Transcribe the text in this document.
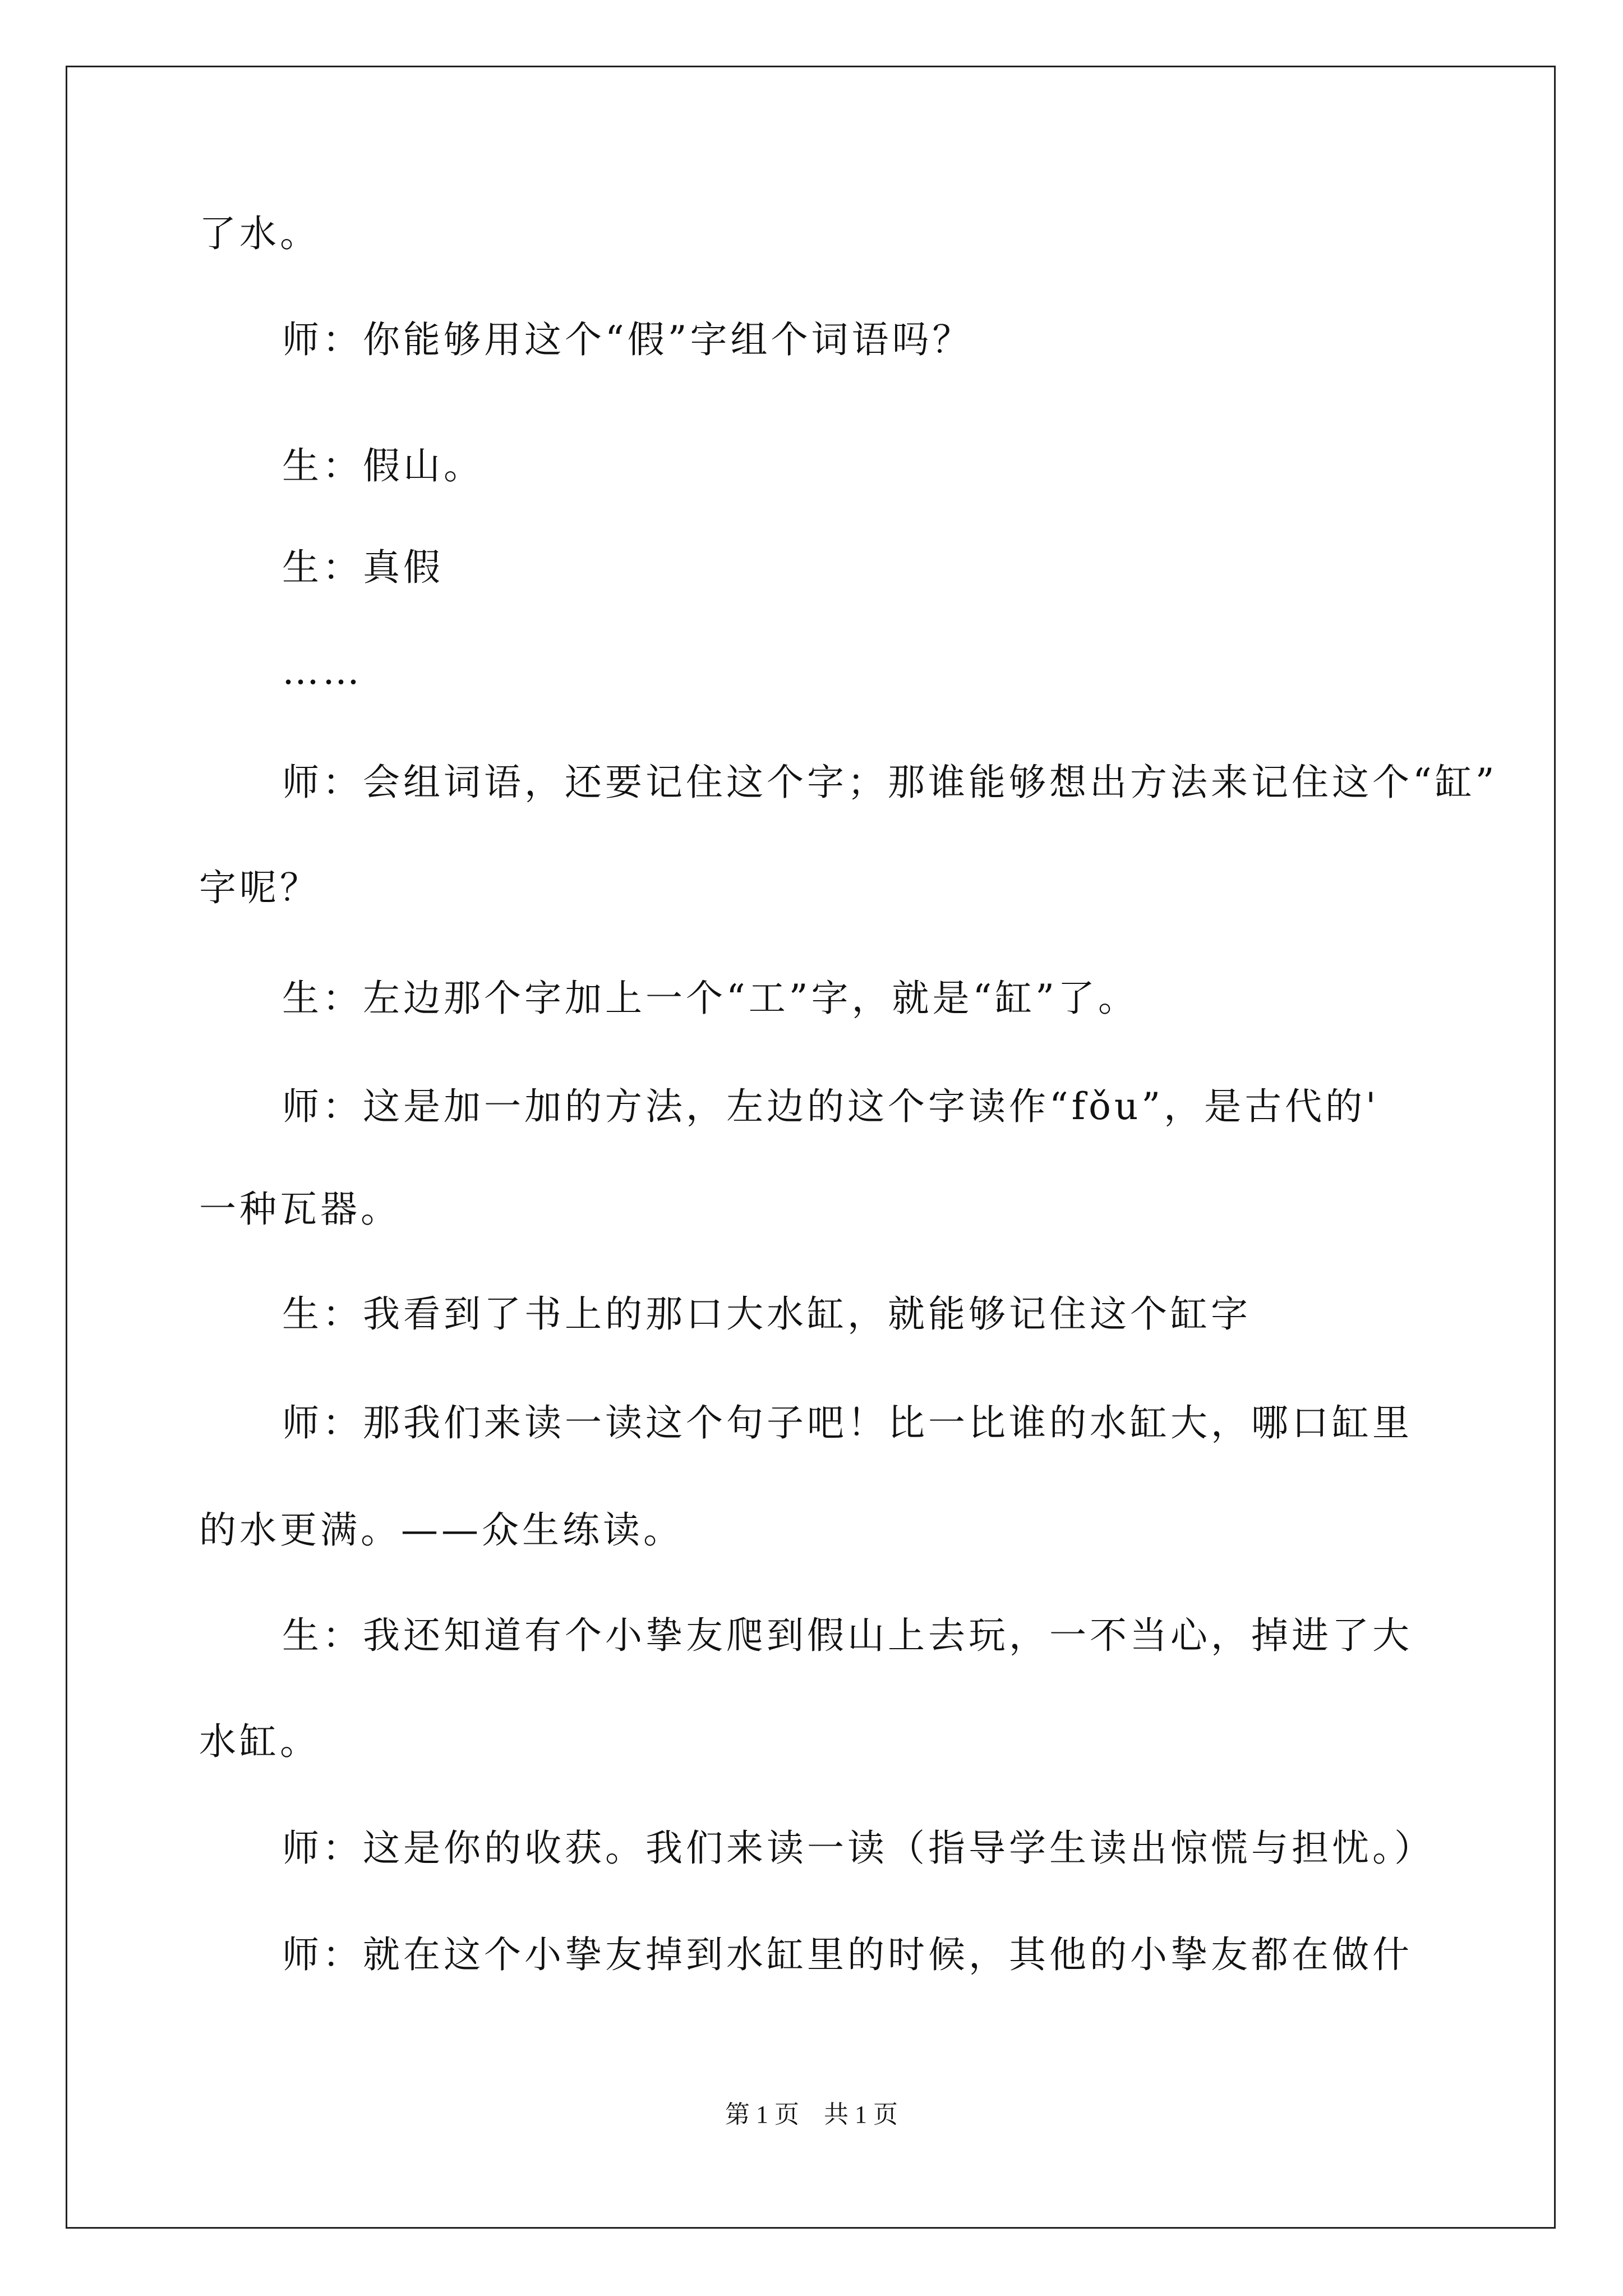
了水。
师：你能够用这个“假”字组个词语吗？
生：假山。
生：真假
……
师：会组词语，还要记住这个字；那谁能够想出方法来记住这个“缸”
字呢？
生：左边那个字加上一个“工”字，就是“缸”了。
师：这是加一加的方法，左边的这个字读作“fǒu”，是古代的'
一种瓦器。
生：我看到了书上的那口大水缸，就能够记住这个缸字
师：那我们来读一读这个句子吧！比一比谁的水缸大，哪口缸里
的水更满。——众生练读。
生：我还知道有个小挚友爬到假山上去玩，一不当心，掉进了大
水缸。
师：这是你的收获。我们来读一读（指导学生读出惊慌与担忧。）
师：就在这个小挚友掉到水缸里的时候，其他的小挚友都在做什
第 1 页　共 1 页
